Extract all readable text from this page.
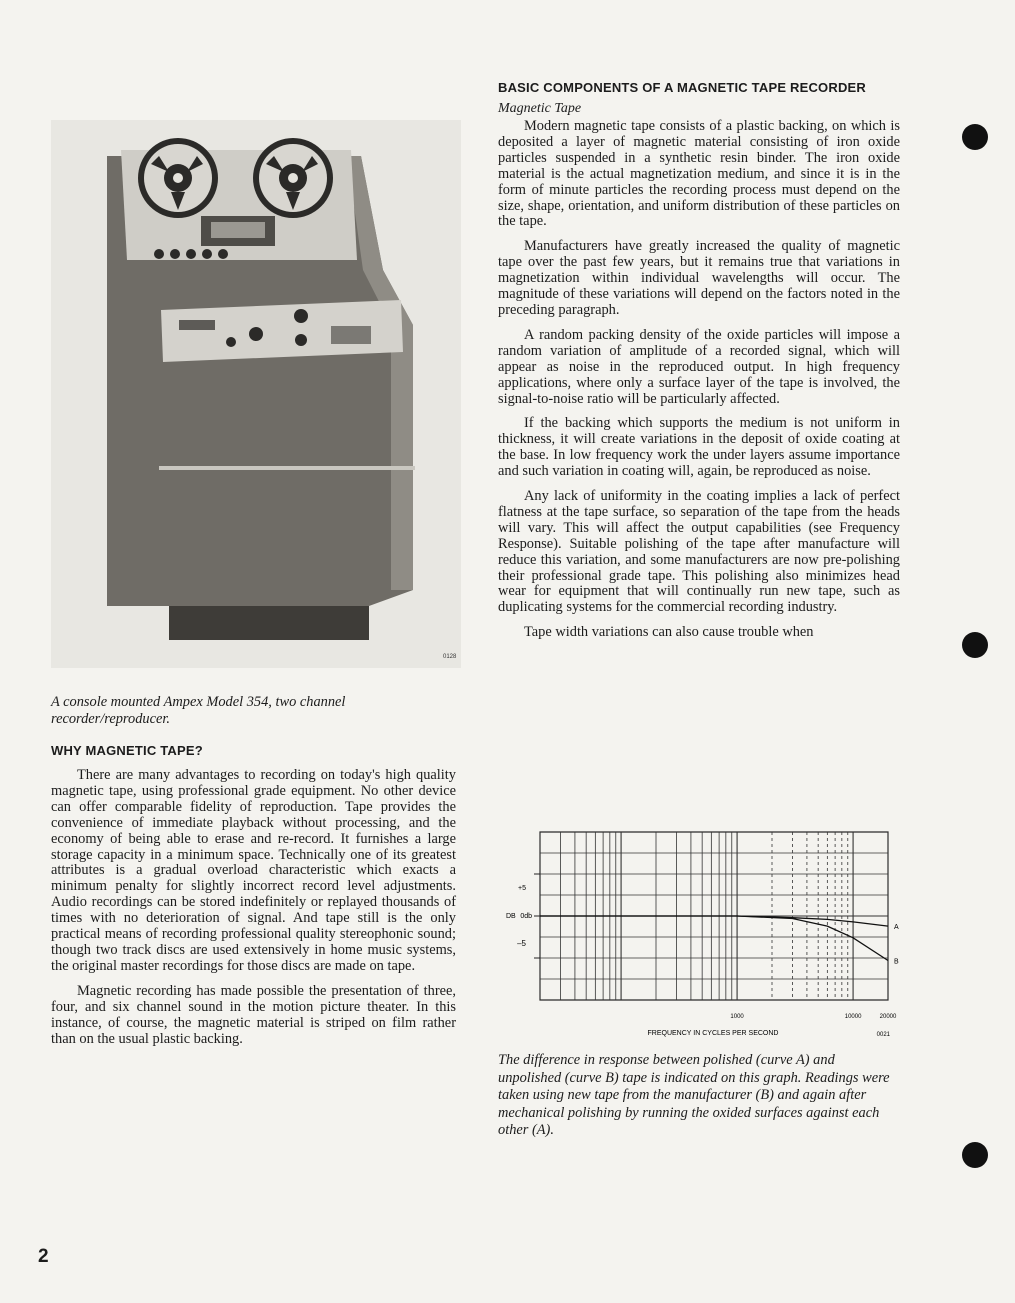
0128

A console mounted Ampex Model 354, two channel recorder/reproducer.

WHY MAGNETIC TAPE?

There are many advantages to recording on today's high quality magnetic tape, using professional grade equipment. No other device can offer comparable fidelity of reproduction. Tape provides the convenience of immediate playback without processing, and the economy of being able to erase and re-record. It furnishes a large storage capacity in a minimum space. Technically one of its greatest attributes is a gradual overload characteristic which exacts a minimum penalty for slightly incorrect record level adjustments. Audio recordings can be stored indefinitely or replayed thousands of times with no deterioration of signal. And tape still is the only practical means of recording professional quality stereophonic sound; though two track discs are used extensively in home music systems, the original master recordings for those discs are made on tape.

Magnetic recording has made possible the presentation of three, four, and six channel sound in the motion picture theater. In this instance, of course, the magnetic material is striped on film rather than on the usual plastic backing.

BASIC COMPONENTS OF A MAGNETIC TAPE RECORDER
Magnetic Tape

Modern magnetic tape consists of a plastic backing, on which is deposited a layer of magnetic material consisting of iron oxide particles suspended in a synthetic resin binder. The iron oxide material is the actual magnetization medium, and since it is in the form of minute particles the recording process must depend on the size, shape, orientation, and uniform distribution of these particles on the tape.

Manufacturers have greatly increased the quality of magnetic tape over the past few years, but it remains true that variations in magnetization within individual wavelengths will occur. The magnitude of these variations will depend on the factors noted in the preceding paragraph.

A random packing density of the oxide particles will impose a random variation of amplitude of a recorded signal, which will appear as noise in the reproduced output. In high frequency applications, where only a surface layer of the tape is involved, the signal-to-noise ratio will be particularly affected.

If the backing which supports the medium is not uniform in thickness, it will create variations in the deposit of oxide coating at the base. In low frequency work the under layers assume importance and such variation in coating will, again, be reproduced as noise.

Any lack of uniformity in the coating implies a lack of perfect flatness at the tape surface, so separation of the tape from the heads will vary. This will affect the output capabilities (see Frequency Response). Suitable polishing of the tape after manufacture will reduce this variation, and some manufacturers are now pre-polishing their professional grade tape. This polishing also minimizes head wear for equipment that will continually run new tape, such as duplicating systems for the commercial recording industry.

Tape width variations can also cause trouble when

+5
DB 0db
–5
FREQUENCY IN CYCLES PER SECOND	0021
A
B
1000	10000	20000

The difference in response between polished (curve A) and unpolished (curve B) tape is indicated on this graph. Readings were taken using new tape from the manufacturer (B) and again after mechanical polishing by running the oxided surfaces against each other (A).

2
